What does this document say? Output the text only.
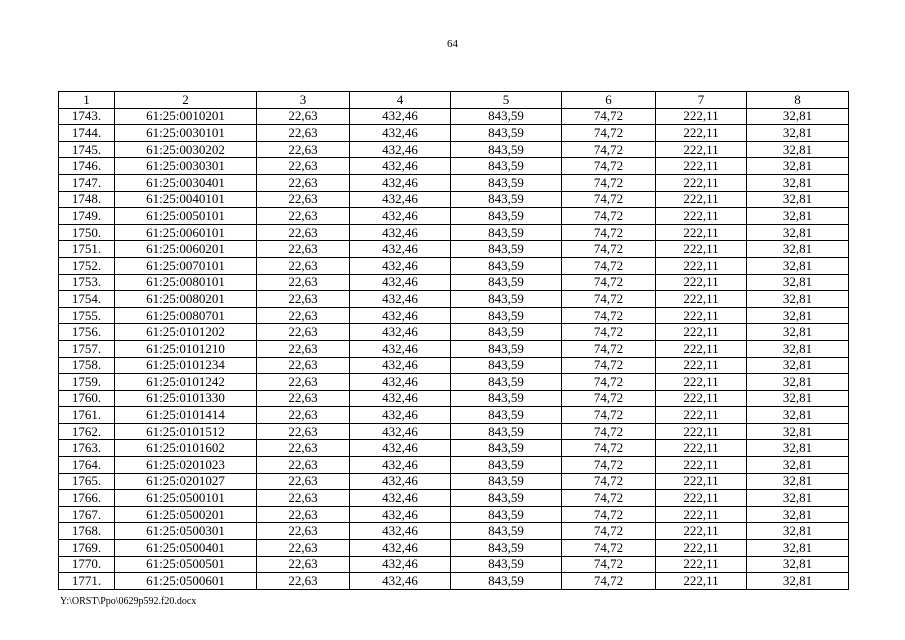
64
1	2	3	4	5	6	7	8
1743.	61:25:0010201	22,63	432,46	843,59	74,72	222,11	32,81
1744.	61:25:0030101	22,63	432,46	843,59	74,72	222,11	32,81
1745.	61:25:0030202	22,63	432,46	843,59	74,72	222,11	32,81
1746.	61:25:0030301	22,63	432,46	843,59	74,72	222,11	32,81
1747.	61:25:0030401	22,63	432,46	843,59	74,72	222,11	32,81
1748.	61:25:0040101	22,63	432,46	843,59	74,72	222,11	32,81
1749.	61:25:0050101	22,63	432,46	843,59	74,72	222,11	32,81
1750.	61:25:0060101	22,63	432,46	843,59	74,72	222,11	32,81
1751.	61:25:0060201	22,63	432,46	843,59	74,72	222,11	32,81
1752.	61:25:0070101	22,63	432,46	843,59	74,72	222,11	32,81
1753.	61:25:0080101	22,63	432,46	843,59	74,72	222,11	32,81
1754.	61:25:0080201	22,63	432,46	843,59	74,72	222,11	32,81
1755.	61:25:0080701	22,63	432,46	843,59	74,72	222,11	32,81
1756.	61:25:0101202	22,63	432,46	843,59	74,72	222,11	32,81
1757.	61:25:0101210	22,63	432,46	843,59	74,72	222,11	32,81
1758.	61:25:0101234	22,63	432,46	843,59	74,72	222,11	32,81
1759.	61:25:0101242	22,63	432,46	843,59	74,72	222,11	32,81
1760.	61:25:0101330	22,63	432,46	843,59	74,72	222,11	32,81
1761.	61:25:0101414	22,63	432,46	843,59	74,72	222,11	32,81
1762.	61:25:0101512	22,63	432,46	843,59	74,72	222,11	32,81
1763.	61:25:0101602	22,63	432,46	843,59	74,72	222,11	32,81
1764.	61:25:0201023	22,63	432,46	843,59	74,72	222,11	32,81
1765.	61:25:0201027	22,63	432,46	843,59	74,72	222,11	32,81
1766.	61:25:0500101	22,63	432,46	843,59	74,72	222,11	32,81
1767.	61:25:0500201	22,63	432,46	843,59	74,72	222,11	32,81
1768.	61:25:0500301	22,63	432,46	843,59	74,72	222,11	32,81
1769.	61:25:0500401	22,63	432,46	843,59	74,72	222,11	32,81
1770.	61:25:0500501	22,63	432,46	843,59	74,72	222,11	32,81
1771.	61:25:0500601	22,63	432,46	843,59	74,72	222,11	32,81
Y:\ORST\Ppo\0629p592.f20.docx
